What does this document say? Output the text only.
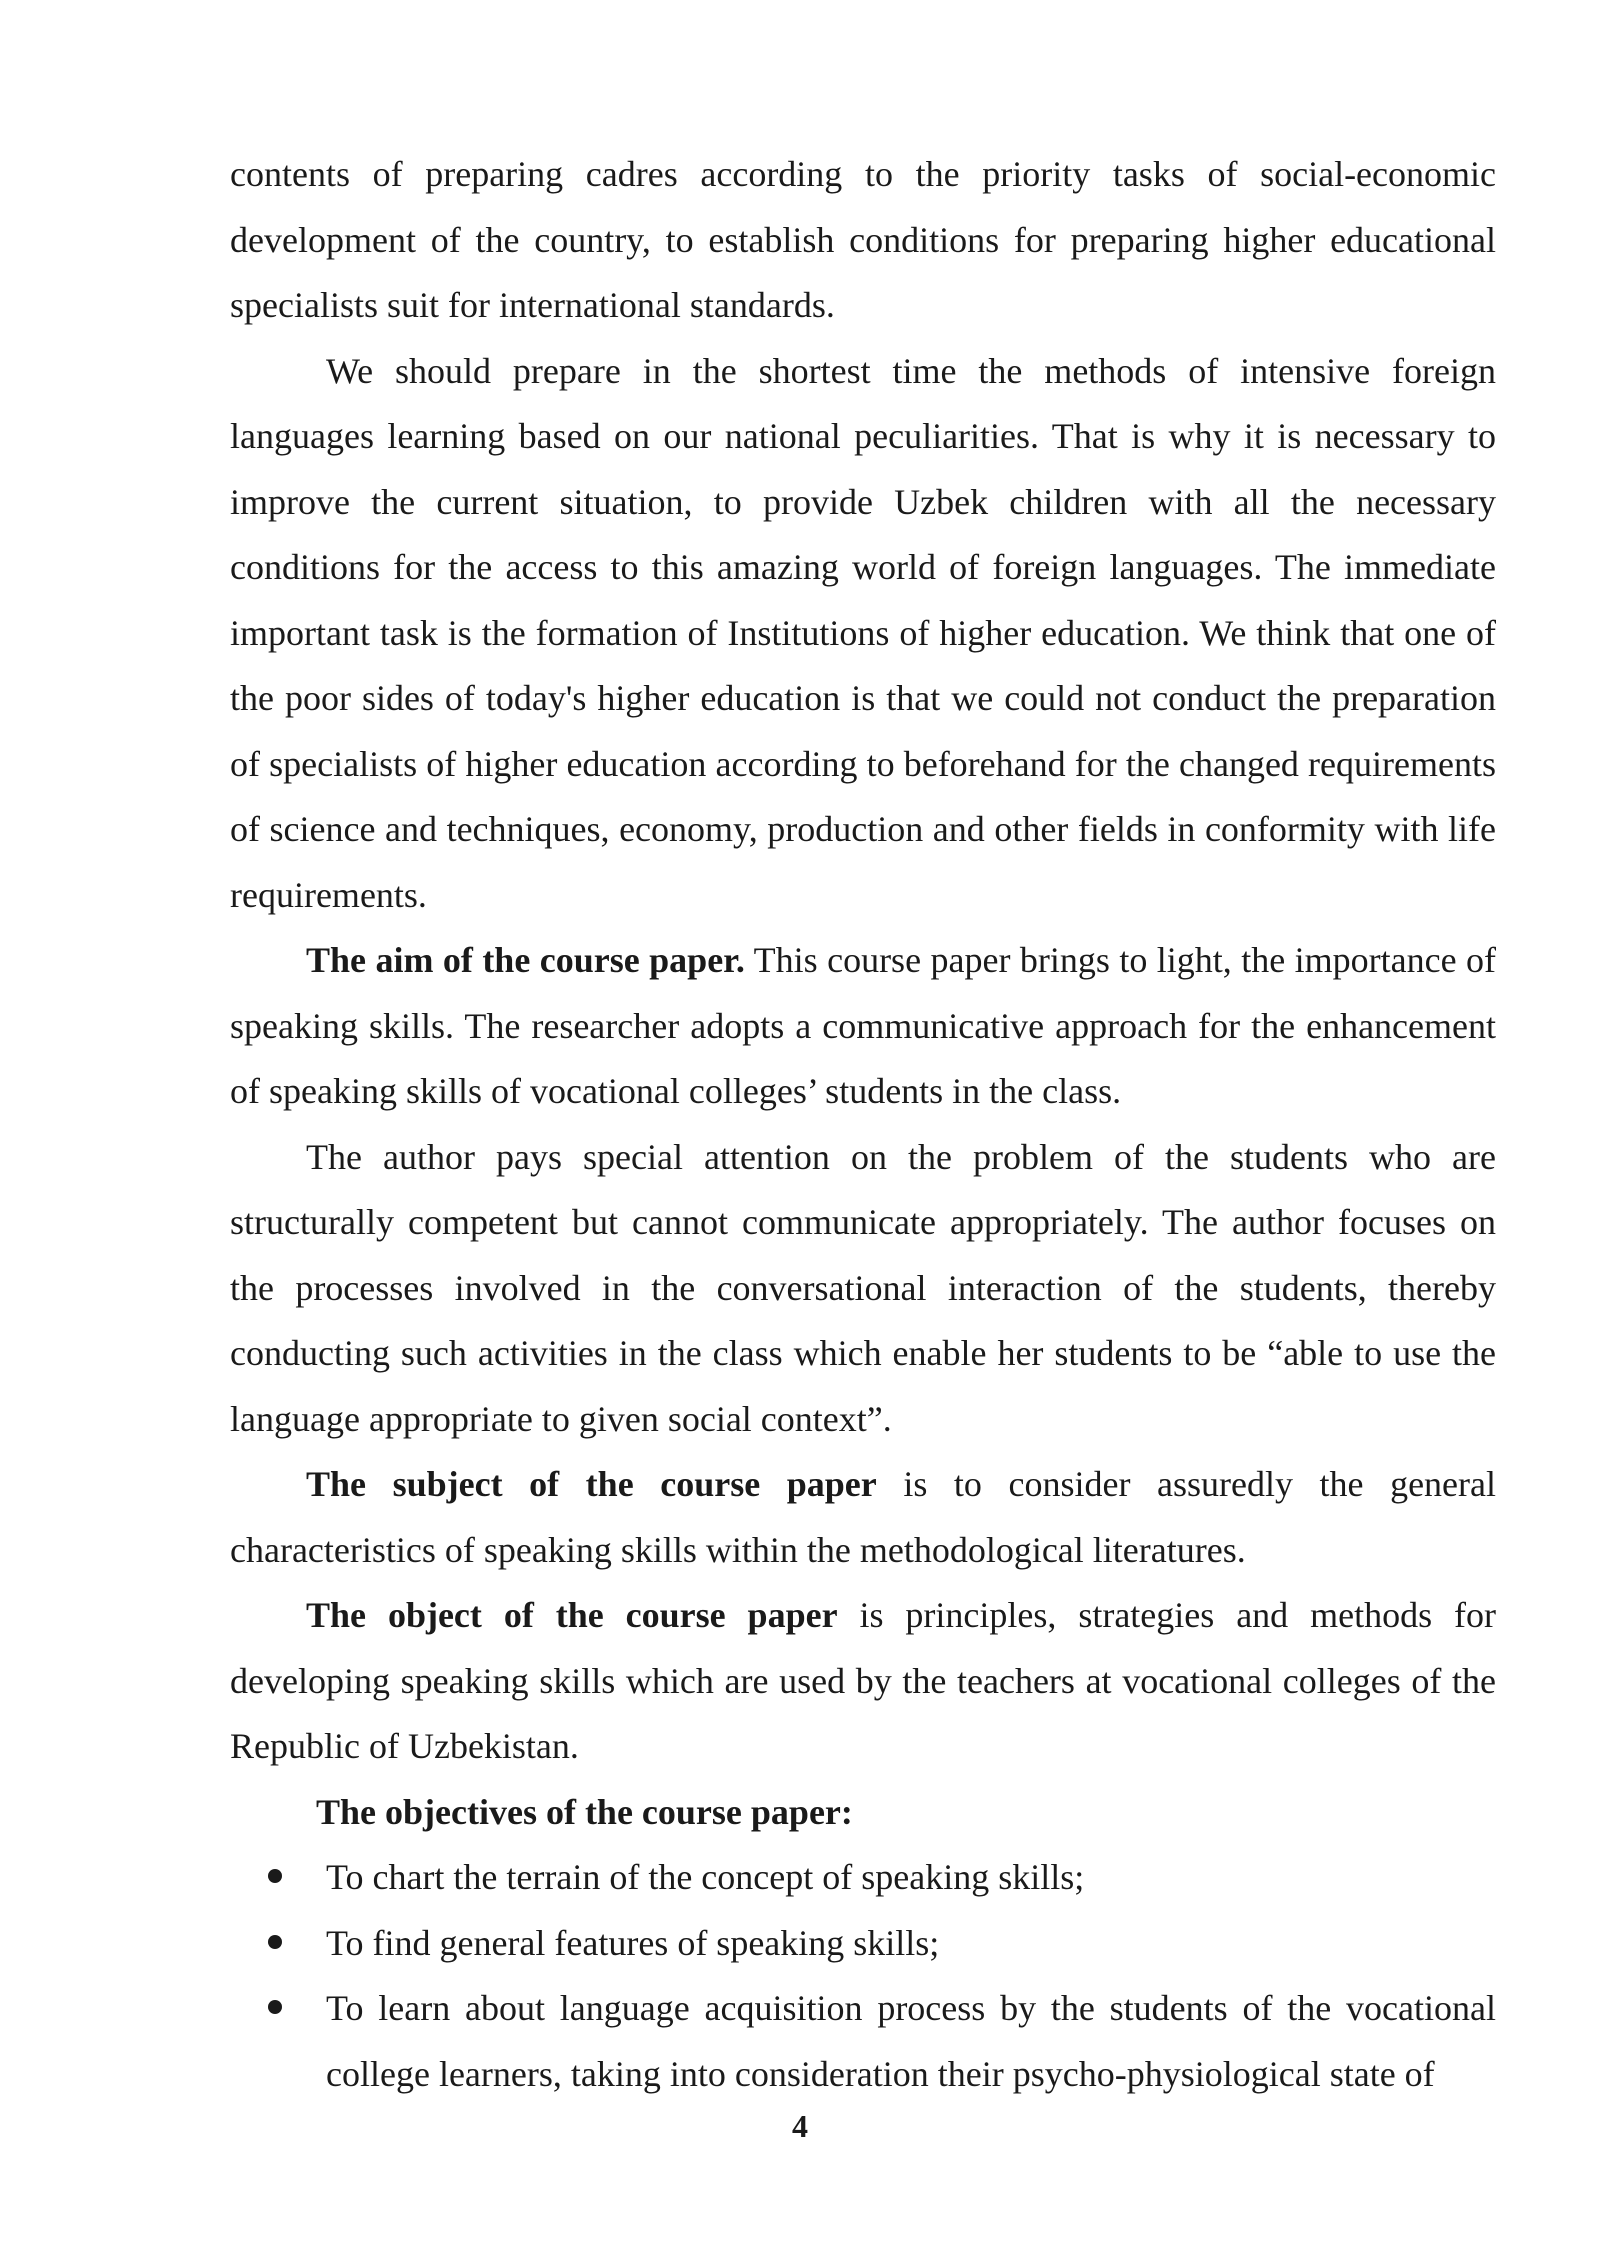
contents of preparing cadres according to the priority tasks of social-economic development of the country, to establish conditions for preparing higher educational specialists suit for international standards.

We should prepare in the shortest time the methods of intensive foreign languages learning based on our national peculiarities. That is why it is necessary to improve the current situation, to provide Uzbek children with all the necessary conditions for the access to this amazing world of foreign languages. The immediate important task is the formation of Institutions of higher education. We think that one of the poor sides of today's higher education is that we could not conduct the preparation of specialists of higher education according to beforehand for the changed requirements of science and techniques, economy, production and other fields in conformity with life requirements.

The aim of the course paper. This course paper brings to light, the importance of speaking skills. The researcher adopts a communicative approach for the enhancement of speaking skills of vocational colleges’ students in the class.

The author pays special attention on the problem of the students who are structurally competent but cannot communicate appropriately. The author focuses on the processes involved in the conversational interaction of the students, thereby conducting such activities in the class which enable her students to be “able to use the language appropriate to given social context”.

The subject of the course paper is to consider assuredly the general characteristics of speaking skills within the methodological literatures.

The object of the course paper is principles, strategies and methods for developing speaking skills which are used by the teachers at vocational colleges of the Republic of Uzbekistan.

The objectives of the course paper:

To chart the terrain of the concept of speaking skills;
To find general features of speaking skills;
To learn about language acquisition process by the students of the vocational college learners, taking into consideration their psycho-physiological state of
4
